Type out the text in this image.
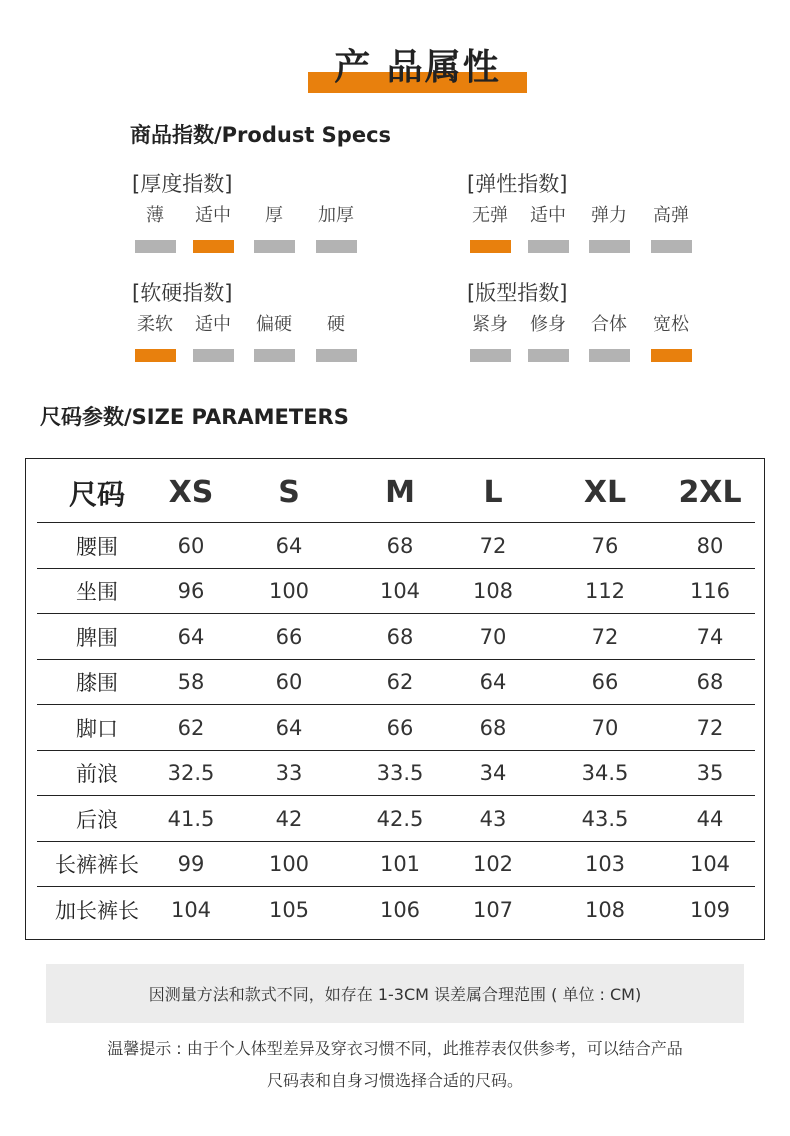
产 品属性
商品指数/Produst Specs
[厚度指数]
薄	适中	厚	加厚
[弹性指数]
无弹 适中 弹力 高弹
[软硬指数]
柔软 适中 偏硬	硬
[版型指数]
紧身 修身 合体 宽松
尺码参数/SIZE PARAMETERS
尺码	XS	S	M	L	XL	2XL
腰围	60	64	68	72	76	80
坐围	96	100	104	108	112	116
脾围	64	66	68	70	72	74
膝围	58	60	62	64	66	68
脚口	62	64	66	68	70	72
前浪	32.5	33	33.5	34	34.5	35
后浪	41.5	42	42.5	43	43.5	44
长裤裤长	99	100	101	102	103	104
加长裤长	104	105	106	107	108	109
因测量方法和款式不同，如存在 1-3CM 误差属合理范围 ( 单位 : CM)
温馨提示 : 由于个人体型差异及穿衣习惯不同，此推荐表仅供参考，可以结合产品
尺码表和自身习惯选择合适的尺码。
